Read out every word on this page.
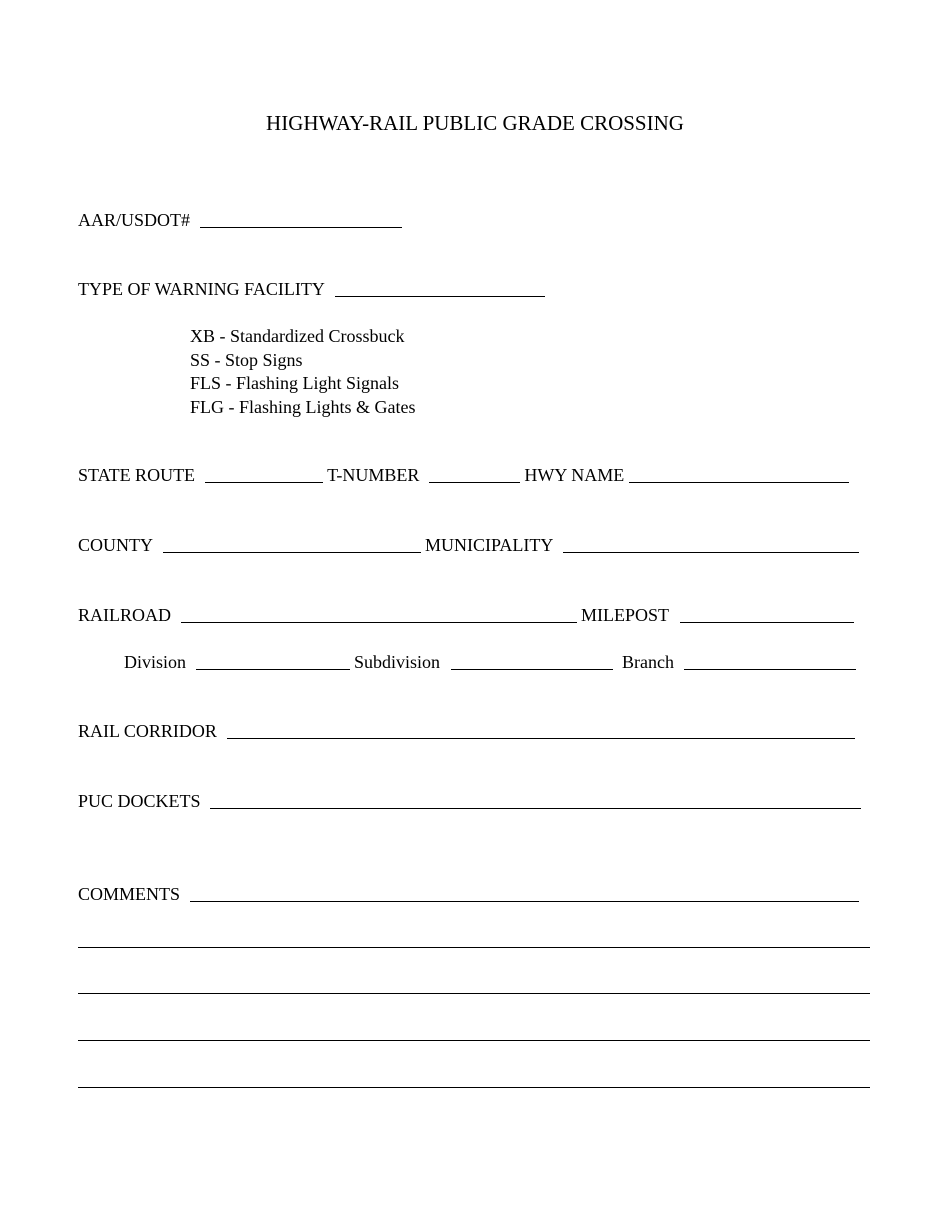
HIGHWAY-RAIL PUBLIC GRADE CROSSING
AAR/USDOT#
TYPE OF WARNING FACILITY
XB - Standardized Crossbuck
SS - Stop Signs
FLS - Flashing Light Signals
FLG - Flashing Lights & Gates
STATE ROUTE	T-NUMBER	HWY NAME
COUNTY	MUNICIPALITY
RAILROAD	MILEPOST
Division	Subdivision	Branch
RAIL CORRIDOR
PUC DOCKETS
COMMENTS
